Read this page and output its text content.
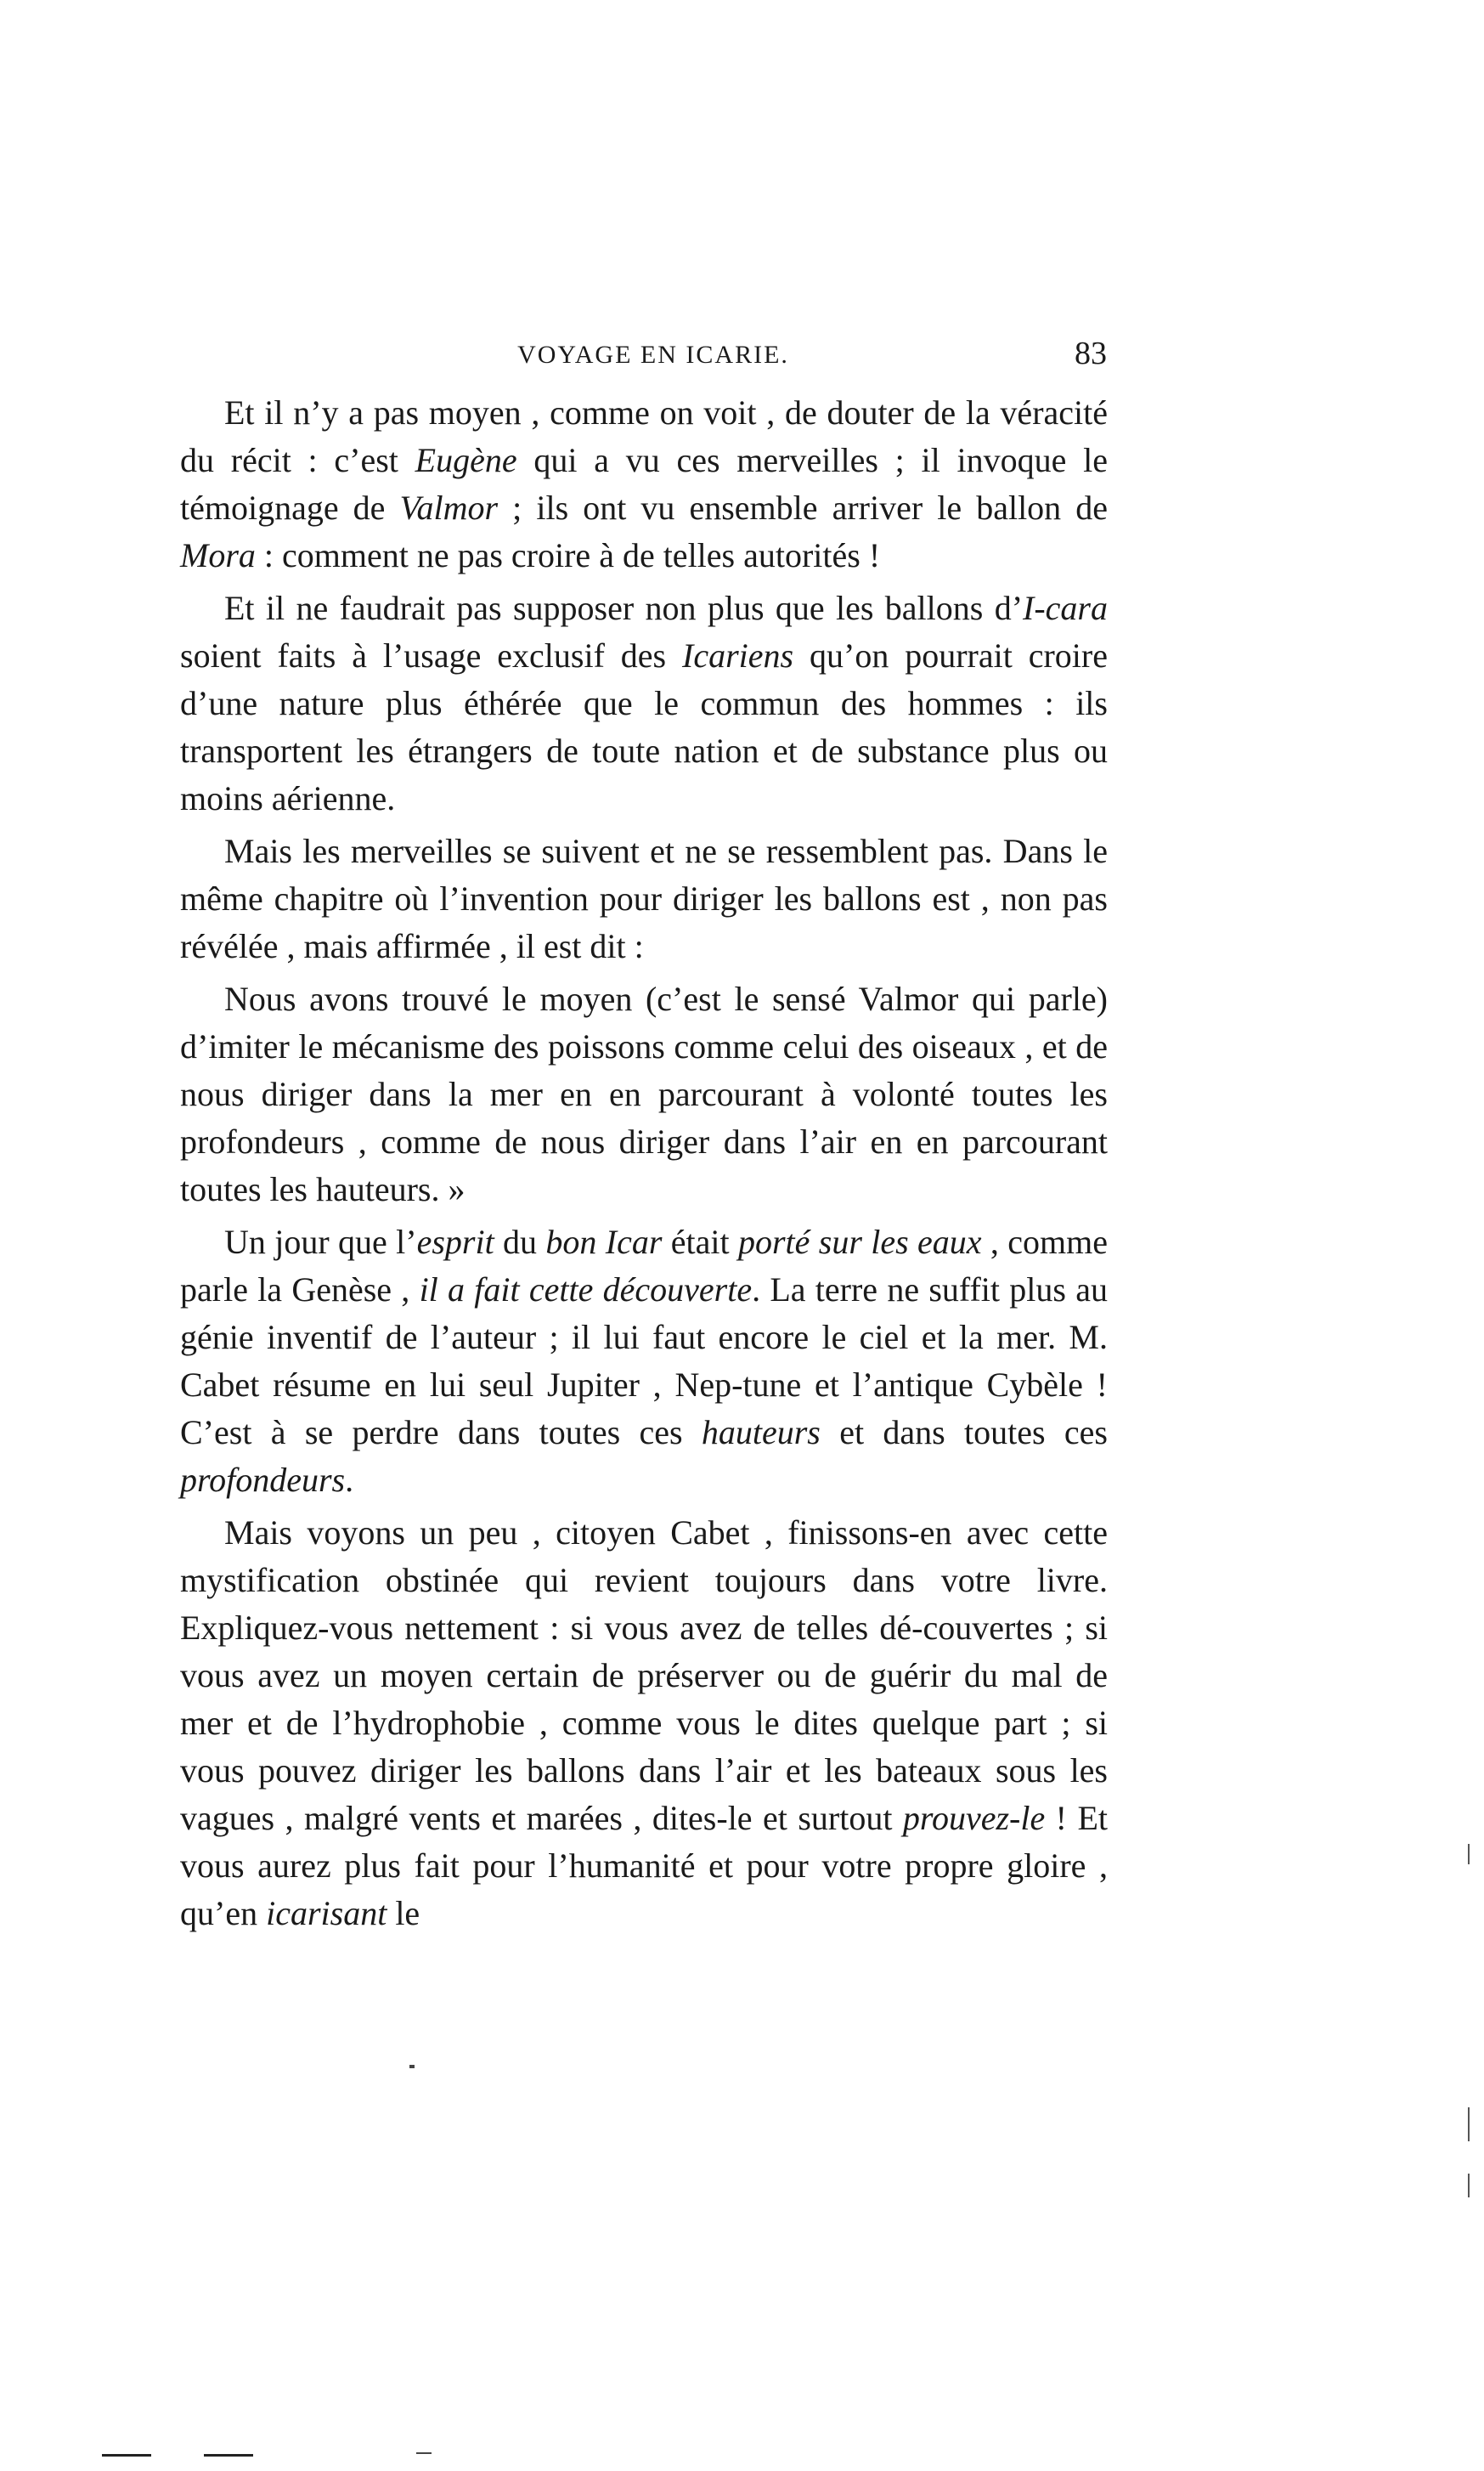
VOYAGE EN ICARIE.	83

Et il n’y a pas moyen , comme on voit , de douter de la véracité du récit : c’est Eugène qui a vu ces merveilles ; il invoque le témoignage de Valmor ; ils ont vu ensemble arriver le ballon de Mora : comment ne pas croire à de telles autorités !

Et il ne faudrait pas supposer non plus que les ballons d’I-cara soient faits à l’usage exclusif des Icariens qu’on pourrait croire d’une nature plus éthérée que le commun des hommes : ils transportent les étrangers de toute nation et de substance plus ou moins aérienne.

Mais les merveilles se suivent et ne se ressemblent pas. Dans le même chapitre où l’invention pour diriger les ballons est , non pas révélée , mais affirmée , il est dit :

Nous avons trouvé le moyen (c’est le sensé Valmor qui parle) d’imiter le mécanisme des poissons comme celui des oiseaux , et de nous diriger dans la mer en en parcourant à volonté toutes les profondeurs , comme de nous diriger dans l’air en en parcourant toutes les hauteurs. »

Un jour que l’esprit du bon Icar était porté sur les eaux , comme parle la Genèse , il a fait cette découverte. La terre ne suffit plus au génie inventif de l’auteur ; il lui faut encore le ciel et la mer. M. Cabet résume en lui seul Jupiter , Nep-tune et l’antique Cybèle ! C’est à se perdre dans toutes ces hauteurs et dans toutes ces profondeurs.

Mais voyons un peu , citoyen Cabet , finissons-en avec cette mystification obstinée qui revient toujours dans votre livre. Expliquez-vous nettement : si vous avez de telles dé-couvertes ; si vous avez un moyen certain de préserver ou de guérir du mal de mer et de l’hydrophobie , comme vous le dites quelque part ; si vous pouvez diriger les ballons dans l’air et les bateaux sous les vagues , malgré vents et marées , dites-le et surtout prouvez-le ! Et vous aurez plus fait pour l’humanité et pour votre propre gloire , qu’en icarisant le
